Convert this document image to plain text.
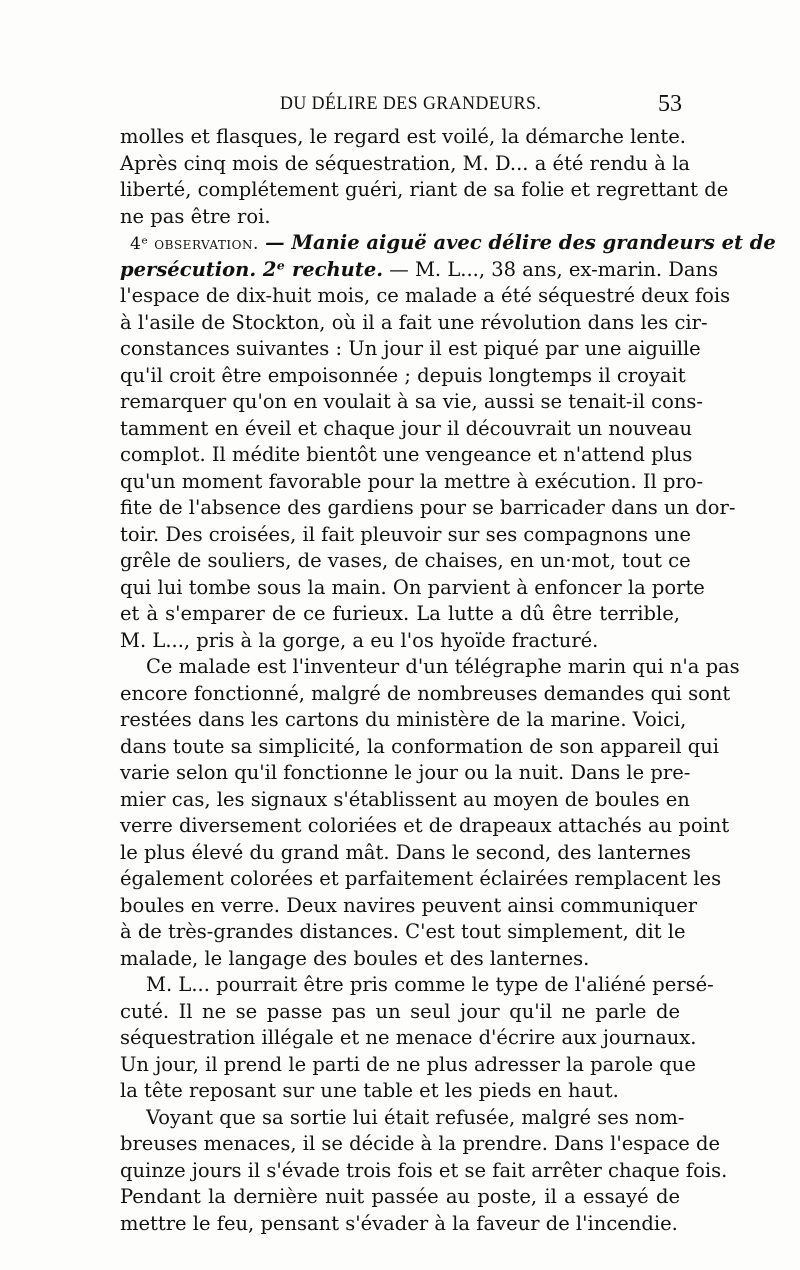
DU DÉLIRE DES GRANDEURS.	53
molles et flasques, le regard est voilé, la démarche lente.
Après cinq mois de séquestration, M. D... a été rendu à la
liberté, complétement guéri, riant de sa folie et regrettant de
ne pas être roi.
4ᵉ observation. — Manie aiguë avec délire des grandeurs et de
persécution. 2ᵉ rechute. — M. L..., 38 ans, ex-marin. Dans
l'espace de dix-huit mois, ce malade a été séquestré deux fois
à l'asile de Stockton, où il a fait une révolution dans les cir-
constances suivantes : Un jour il est piqué par une aiguille
qu'il croit être empoisonnée ; depuis longtemps il croyait
remarquer qu'on en voulait à sa vie, aussi se tenait-il cons-
tamment en éveil et chaque jour il découvrait un nouveau
complot. Il médite bientôt une vengeance et n'attend plus
qu'un moment favorable pour la mettre à exécution. Il pro-
fite de l'absence des gardiens pour se barricader dans un dor-
toir. Des croisées, il fait pleuvoir sur ses compagnons une
grêle de souliers, de vases, de chaises, en un·mot, tout ce
qui lui tombe sous la main. On parvient à enfoncer la porte
et à s'emparer de ce furieux. La lutte a dû être terrible,
M. L..., pris à la gorge, a eu l'os hyoïde fracturé.
Ce malade est l'inventeur d'un télégraphe marin qui n'a pas
encore fonctionné, malgré de nombreuses demandes qui sont
restées dans les cartons du ministère de la marine. Voici,
dans toute sa simplicité, la conformation de son appareil qui
varie selon qu'il fonctionne le jour ou la nuit. Dans le pre-
mier cas, les signaux s'établissent au moyen de boules en
verre diversement coloriées et de drapeaux attachés au point
le plus élevé du grand mât. Dans le second, des lanternes
également colorées et parfaitement éclairées remplacent les
boules en verre. Deux navires peuvent ainsi communiquer
à de très-grandes distances. C'est tout simplement, dit le
malade, le langage des boules et des lanternes.
M. L... pourrait être pris comme le type de l'aliéné persé-
cuté. Il ne se passe pas un seul jour qu'il ne parle de
séquestration illégale et ne menace d'écrire aux journaux.
Un jour, il prend le parti de ne plus adresser la parole que
la tête reposant sur une table et les pieds en haut.
Voyant que sa sortie lui était refusée, malgré ses nom-
breuses menaces, il se décide à la prendre. Dans l'espace de
quinze jours il s'évade trois fois et se fait arrêter chaque fois.
Pendant la dernière nuit passée au poste, il a essayé de
mettre le feu, pensant s'évader à la faveur de l'incendie.
